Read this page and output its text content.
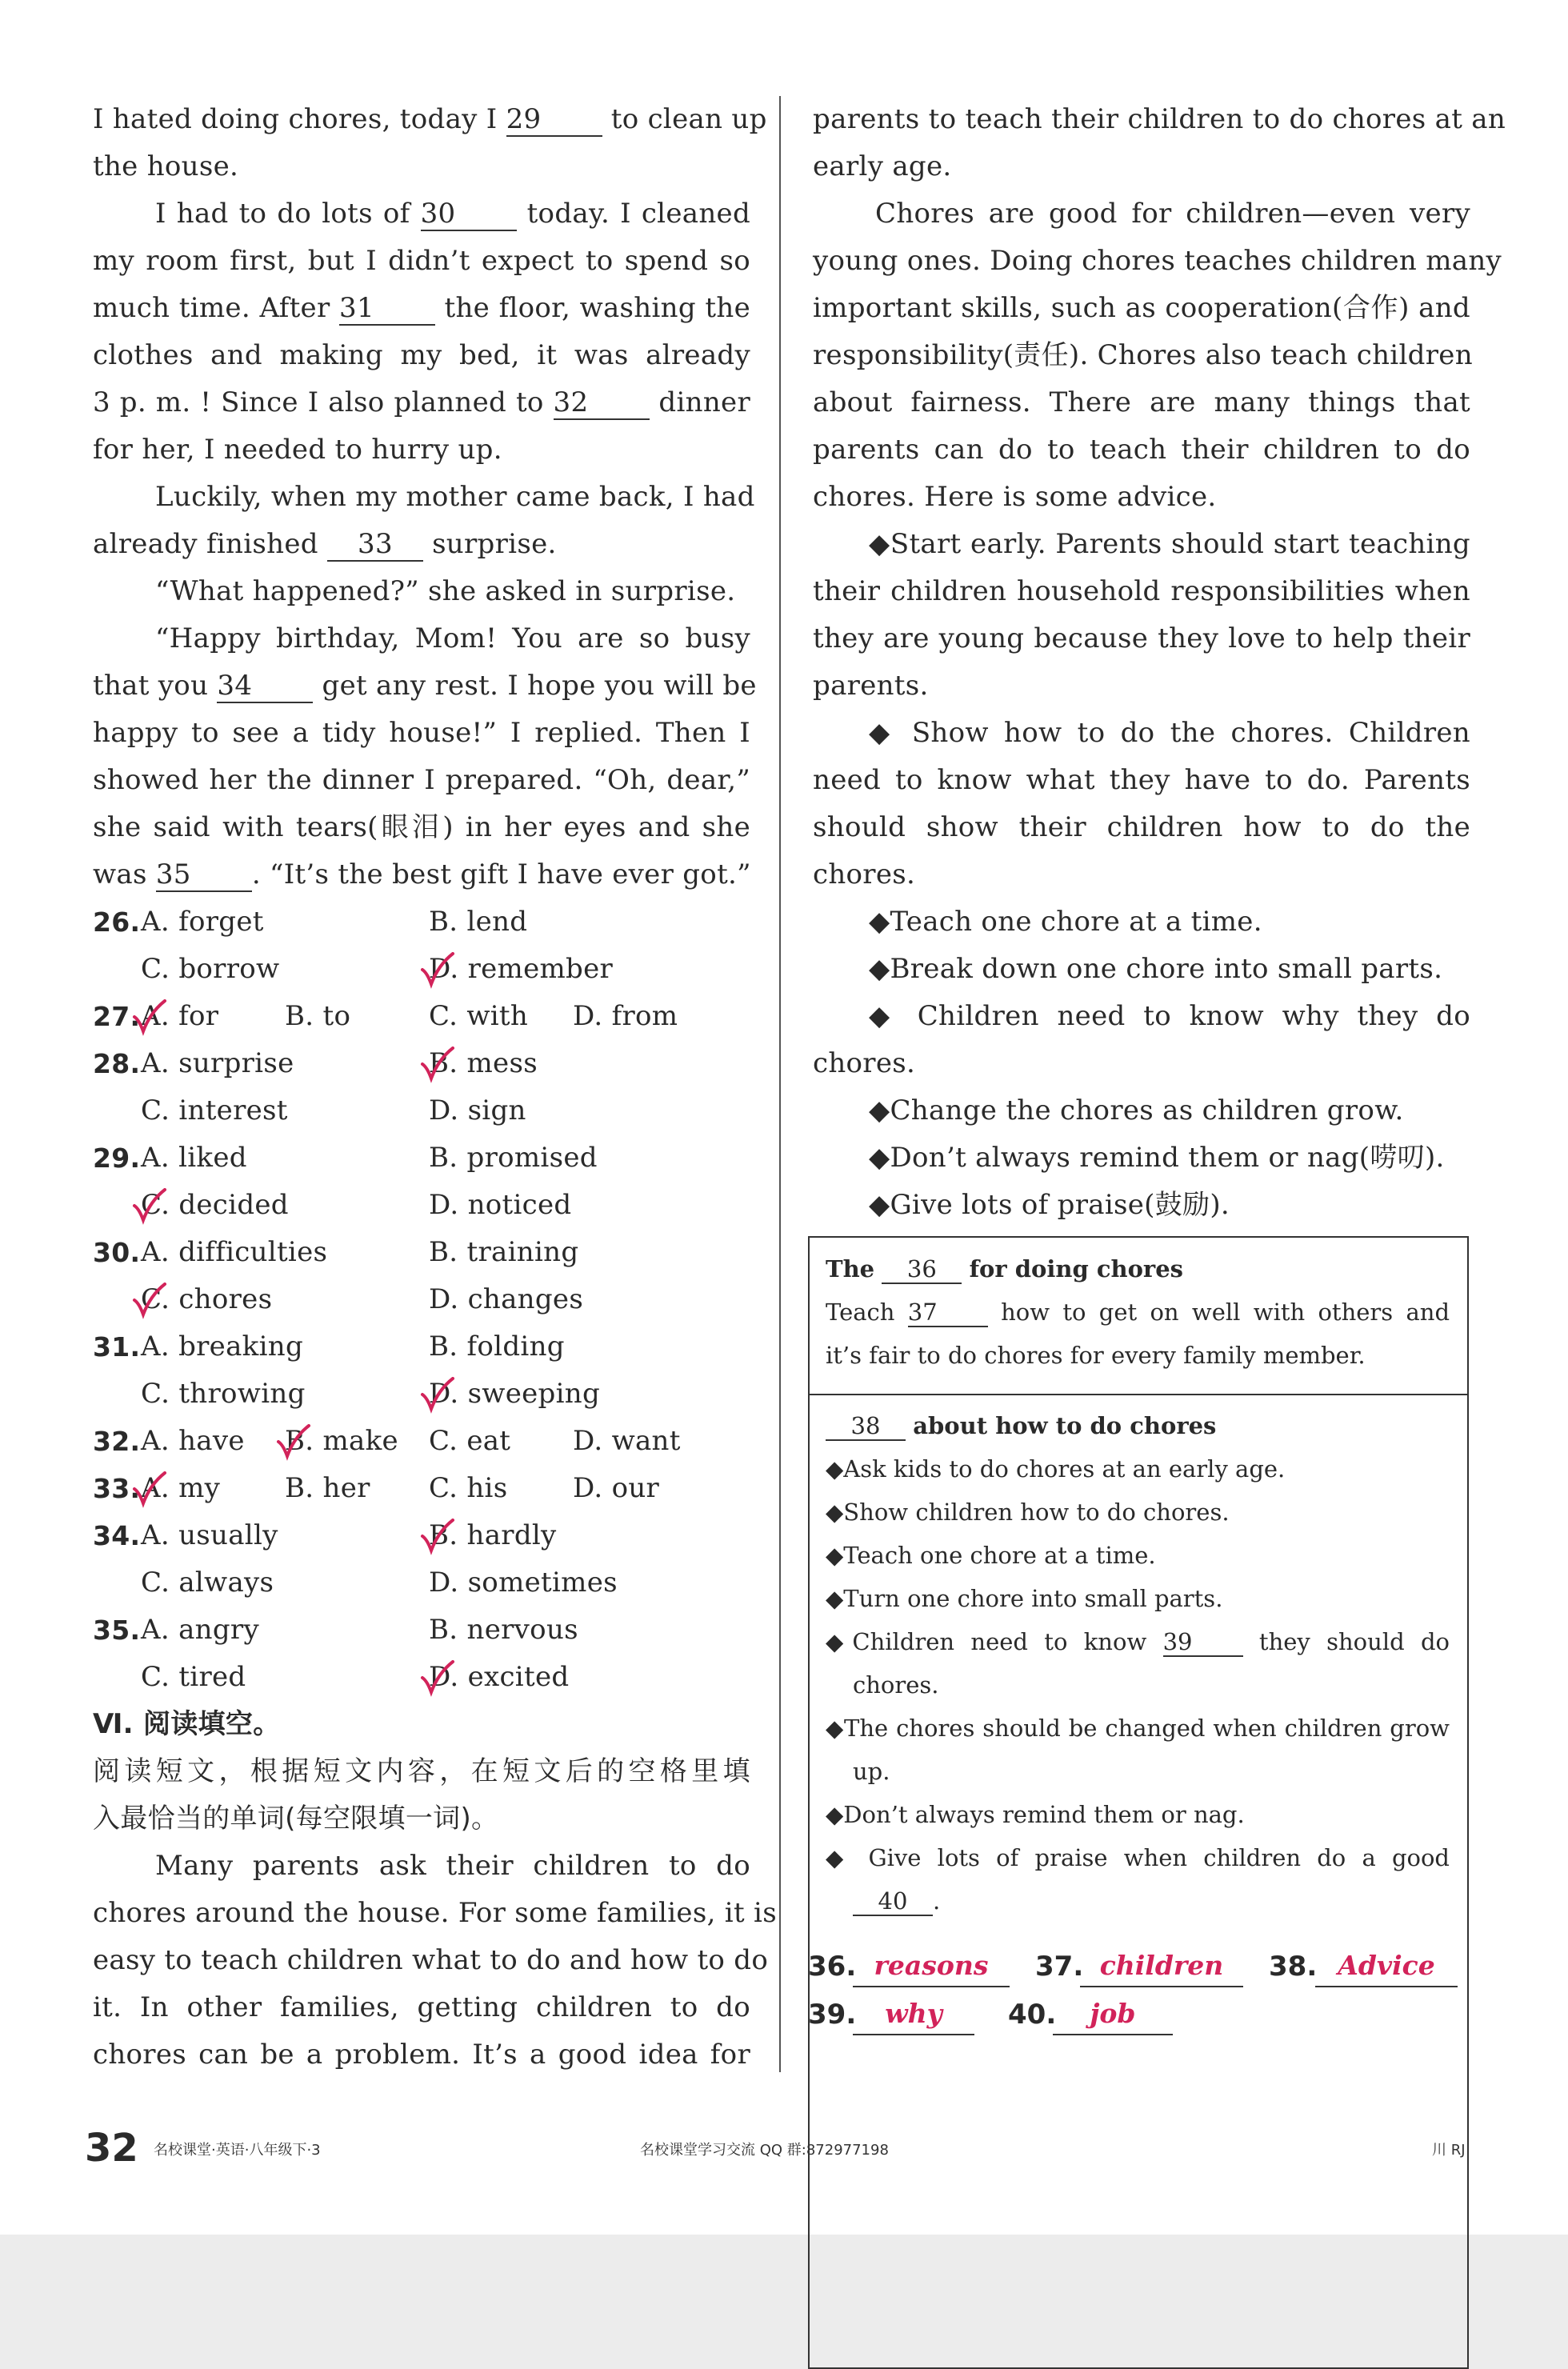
I hated doing chores, today I 29	to clean up
the house.
I had to do lots of 30	today. I cleaned
my room first, but I didn’t expect to spend so
much time. After 31	the floor, washing the
clothes and making my bed, it was already
3 p. m. ! Since I also planned to 32	dinner
for her, I needed to hurry up.
Luckily, when my mother came back, I had
already finished 33 surprise.
“What happened?” she asked in surprise.
“Happy birthday, Mom! You are so busy
that you 34	get any rest. I hope you will be
happy to see a tidy house!” I replied. Then I
showed her the dinner I prepared. “Oh, dear,”
she said with tears(眼泪) in her eyes and she
was 35 . “It’s the best gift I have ever got.”
26. A. forget	B. lend
C. borrow	D. remember
27. A. for B. to	C. with D. from
28. A. surprise	B. mess
C. interest	D. sign
29. A. liked	B. promised
C. decided	D. noticed
30. A. difficulties	B. training
C. chores	D. changes
31. A. breaking	B. folding
C. throwing	D. sweeping
32. A. have B. make C. eat D. want
33. A. my B. her C. his D. our
34. A. usually	B. hardly
C. always	D. sometimes
35. A. angry	B. nervous
C. tired	D. excited
Ⅵ. 阅读填空。
阅读短文，根据短文内容，在短文后的空格里填
入最恰当的单词(每空限填一词)。
Many parents ask their children to do
chores around the house. For some families, it is
easy to teach children what to do and how to do
it. In other families, getting children to do
chores can be a problem. It’s a good idea for
parents to teach their children to do chores at an
early age.
Chores are good for children—even very
young ones. Doing chores teaches children many
important skills, such as cooperation(合作) and
responsibility(责任). Chores also teach children
about fairness. There are many things that
parents can do to teach their children to do
chores. Here is some advice.
◆Start early. Parents should start teaching
their children household responsibilities when
they are young because they love to help their
parents.
◆ Show how to do the chores. Children
need to know what they have to do. Parents
should show their children how to do the
chores.
◆Teach one chore at a time.
◆Break down one chore into small parts.
◆ Children need to know why they do
chores.
◆Change the chores as children grow.
◆Don’t always remind them or nag(唠叨).
◆Give lots of praise(鼓励).
The 36 for doing chores
Teach 37	how to get on well with others and
it’s fair to do chores for every family member.
38 about how to do chores
◆Ask kids to do chores at an early age.
◆Show children how to do chores.
◆Teach one chore at a time.
◆Turn one chore into small parts.
◆Children need to know 39	they should do
chores.
◆The chores should be changed when children grow
up.
◆Don’t always remind them or nag.
◆ Give lots of praise when children do a good
40 .
36. reasons	37. children	38. Advice
39.	why	40.	job
32 名校课堂·英语·八年级下·3	名校课堂学习交流 QQ 群:872977198	川 RJ
